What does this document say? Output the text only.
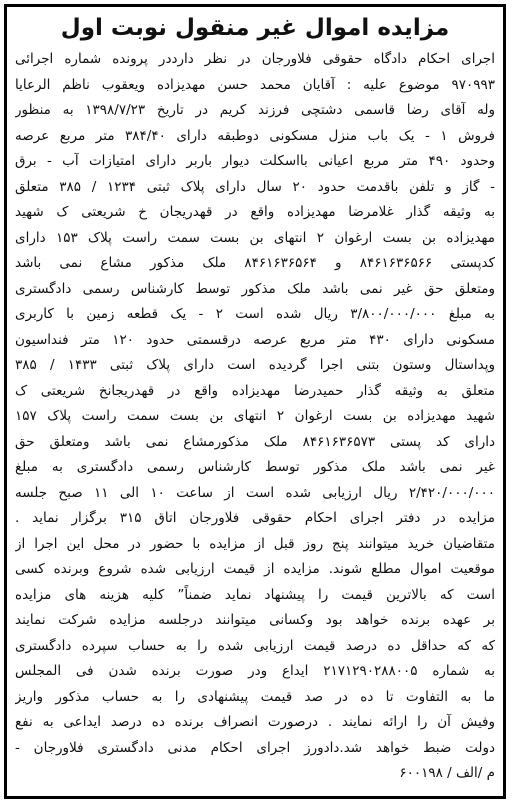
مزایده اموال غیر منقول نوبت اول
اجرای احکام دادگاه حقوقی فلاورجان در نظر دارددر پرونده شماره اجرائی
۹۷۰۹۹۳ موضوع علیه : آقایان محمد حسن مهدیزاده ویعقوب ناظم الرعایا
وله آقای رضا قاسمی دشتچی فرزند کریم در تاریخ ۱۳۹۸/۷/۲۳ به منظور
فروش ۱ - یک باب منزل مسکونی دوطبقه دارای ۳۸۴/۴۰ متر مربع عرصه
وحدود ۴۹۰ متر مربع اعیانی بااسکلت دیوار باربر دارای امتیازات آب - برق
- گاز و تلفن باقدمت حدود ۲۰ سال دارای پلاک ثبتی ۱۲۳۴ / ۳۸۵ متعلق
به وثیقه گذار غلامرضا مهدیزاده واقع در قهدریجان خ شریعتی ک شهید
مهدیزاده بن بست ارغوان ۲ انتهای بن بست سمت راست پلاک ۱۵۳ دارای
کدپستی ۸۴۶۱۶۳۶۵۶۶ و ۸۴۶۱۶۳۶۵۶۴ ملک مذکور مشاع نمی باشد
ومتعلق حق غیر نمی باشد ملک مذکور توسط کارشناس رسمی دادگستری
به مبلغ ۳/۸۰۰/۰۰۰/۰۰۰ ریال شده است ۲ - یک قطعه زمین با کاربری
مسکونی دارای ۴۳۰ متر مربع عرصه درقسمتی حدود ۱۲۰ متر فنداسیون
وپداستال وستون بتنی اجرا گردیده است دارای پلاک ثبتی ۱۴۳۳ / ۳۸۵
متعلق به وثیقه گذار حمیدرضا مهدیزاده واقع در قهدریجانخ شریعتی ک
شهید مهدیزاده بن بست ارغوان ۲ انتهای بن بست سمت راست پلاک ۱۵۷
دارای کد پستی ۸۴۶۱۶۳۶۵۷۳ ملک مذکورمشاع نمی باشد ومتعلق حق
غیر نمی باشد ملک مذکور توسط کارشناس رسمی دادگستری به مبلغ
۲/۴۲۰/۰۰۰/۰۰۰ ریال ارزیابی شده است از ساعت ۱۰ الی ۱۱ صبح جلسه
مزایده در دفتر اجرای احکام حقوقی فلاورجان اتاق ۳۱۵ برگزار نماید .
متقاضیان خرید میتوانند پنج روز قبل از مزایده با حضور در محل این اجرا از
موقعیت اموال مطلع شوند. مزایده از قیمت ارزیابی شده شروع وبرنده کسی
است که بالاترین قیمت را پیشنهاد نماید ضمناً” کلیه هزینه های مزایده
بر عهده برنده خواهد بود وکسانی میتوانند درجلسه مزایده شرکت نمایند
که که حداقل ده درصد قیمت ارزیابی شده را به حساب سپرده دادگستری
به شماره ۲۱۷۱۲۹۰۲۸۸۰۰۵ ایداع ودر صورت برنده شدن فی المجلس
ما به التفاوت تا ده در صد قیمت پیشنهادی را به حساب مذکور واریز
وفیش آن را ارائه نمایند . درصورت انصراف برنده ده درصد ایداعی به نفع
دولت ضبط خواهد شد.دادورز اجرای احکام مدنی دادگستری فلاورجان -
م /الف / ۶۰۰۱۹۸
